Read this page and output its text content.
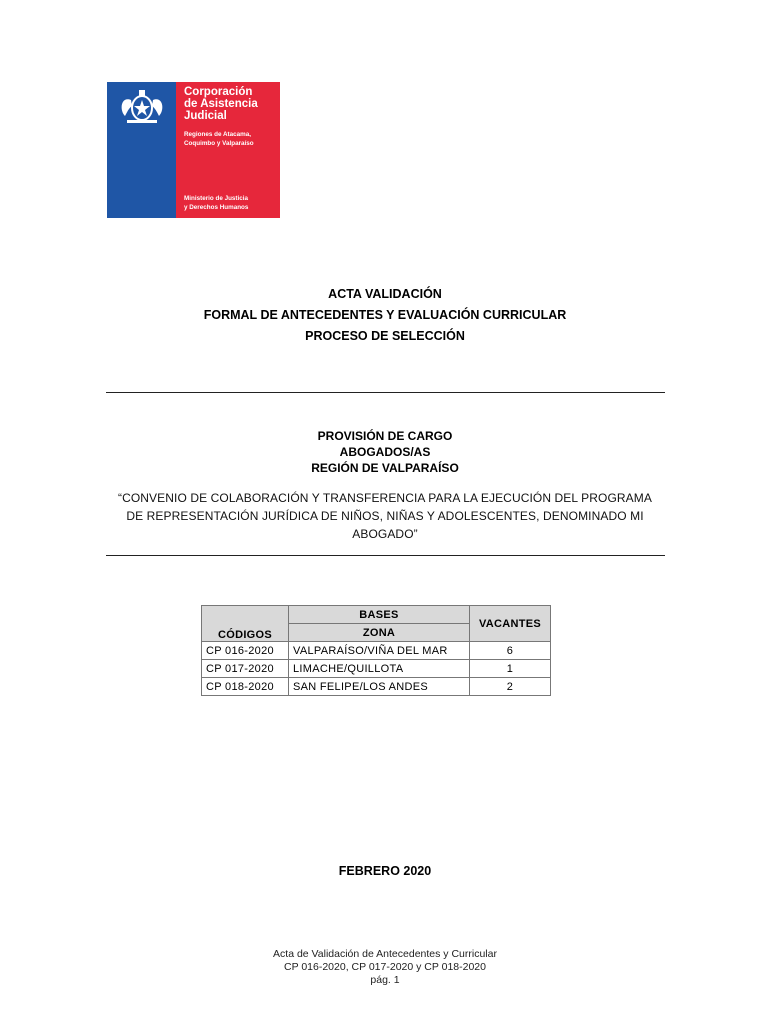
Corporación
de Asistencia
Judicial
Regiones de Atacama,
Coquimbo y Valparaíso
Ministerio de Justicia
y Derechos Humanos
ACTA VALIDACIÓN
FORMAL DE ANTECEDENTES Y EVALUACIÓN CURRICULAR
PROCESO DE SELECCIÓN
PROVISIÓN DE CARGO
ABOGADOS/AS
REGIÓN DE VALPARAÍSO
“CONVENIO DE COLABORACIÓN Y TRANSFERENCIA PARA LA EJECUCIÓN DEL PROGRAMA DE REPRESENTACIÓN JURÍDICA DE NIÑOS, NIÑAS Y ADOLESCENTES, DENOMINADO MI ABOGADO”
CÓDIGOS	BASES	VACANTES
	ZONA	
CP 016-2020	VALPARAÍSO/VIÑA DEL MAR	6
CP 017-2020	LIMACHE/QUILLOTA	1
CP 018-2020	SAN FELIPE/LOS ANDES	2
FEBRERO 2020
Acta de Validación de Antecedentes y Curricular
CP 016-2020, CP 017-2020 y CP 018-2020
pág. 1
